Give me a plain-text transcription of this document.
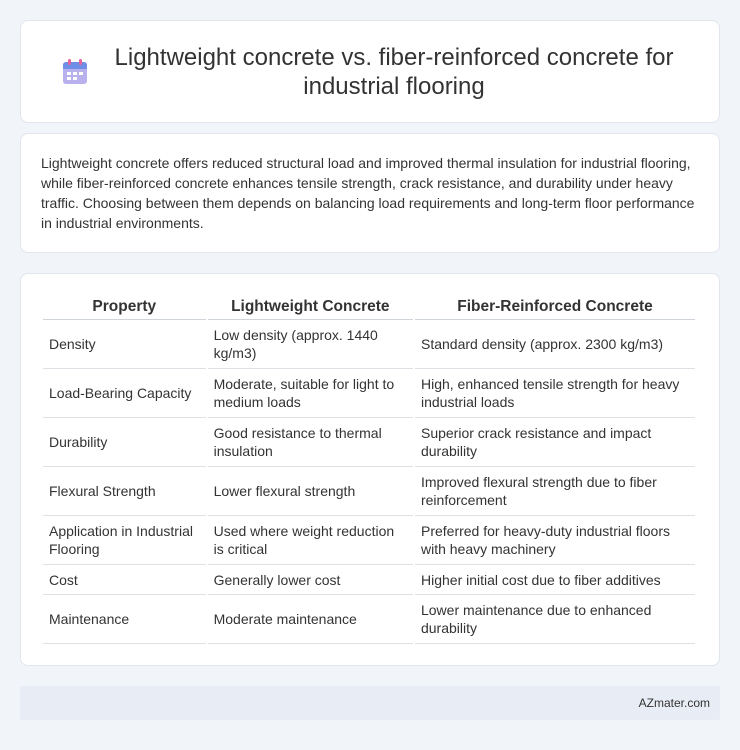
Lightweight concrete vs. fiber-reinforced concrete for industrial flooring

Lightweight concrete offers reduced structural load and improved thermal insulation for industrial flooring, while fiber-reinforced concrete enhances tensile strength, crack resistance, and durability under heavy traffic. Choosing between them depends on balancing load requirements and long-term floor performance in industrial environments.

Property	Lightweight Concrete	Fiber-Reinforced Concrete
Density	Low density (approx. 1440 kg/m3)	Standard density (approx. 2300 kg/m3)
Load-Bearing Capacity	Moderate, suitable for light to medium loads	High, enhanced tensile strength for heavy industrial loads
Durability	Good resistance to thermal insulation	Superior crack resistance and impact durability
Flexural Strength	Lower flexural strength	Improved flexural strength due to fiber reinforcement
Application in Industrial Flooring	Used where weight reduction is critical	Preferred for heavy-duty industrial floors with heavy machinery
Cost	Generally lower cost	Higher initial cost due to fiber additives
Maintenance	Moderate maintenance	Lower maintenance due to enhanced durability
AZmater.com
